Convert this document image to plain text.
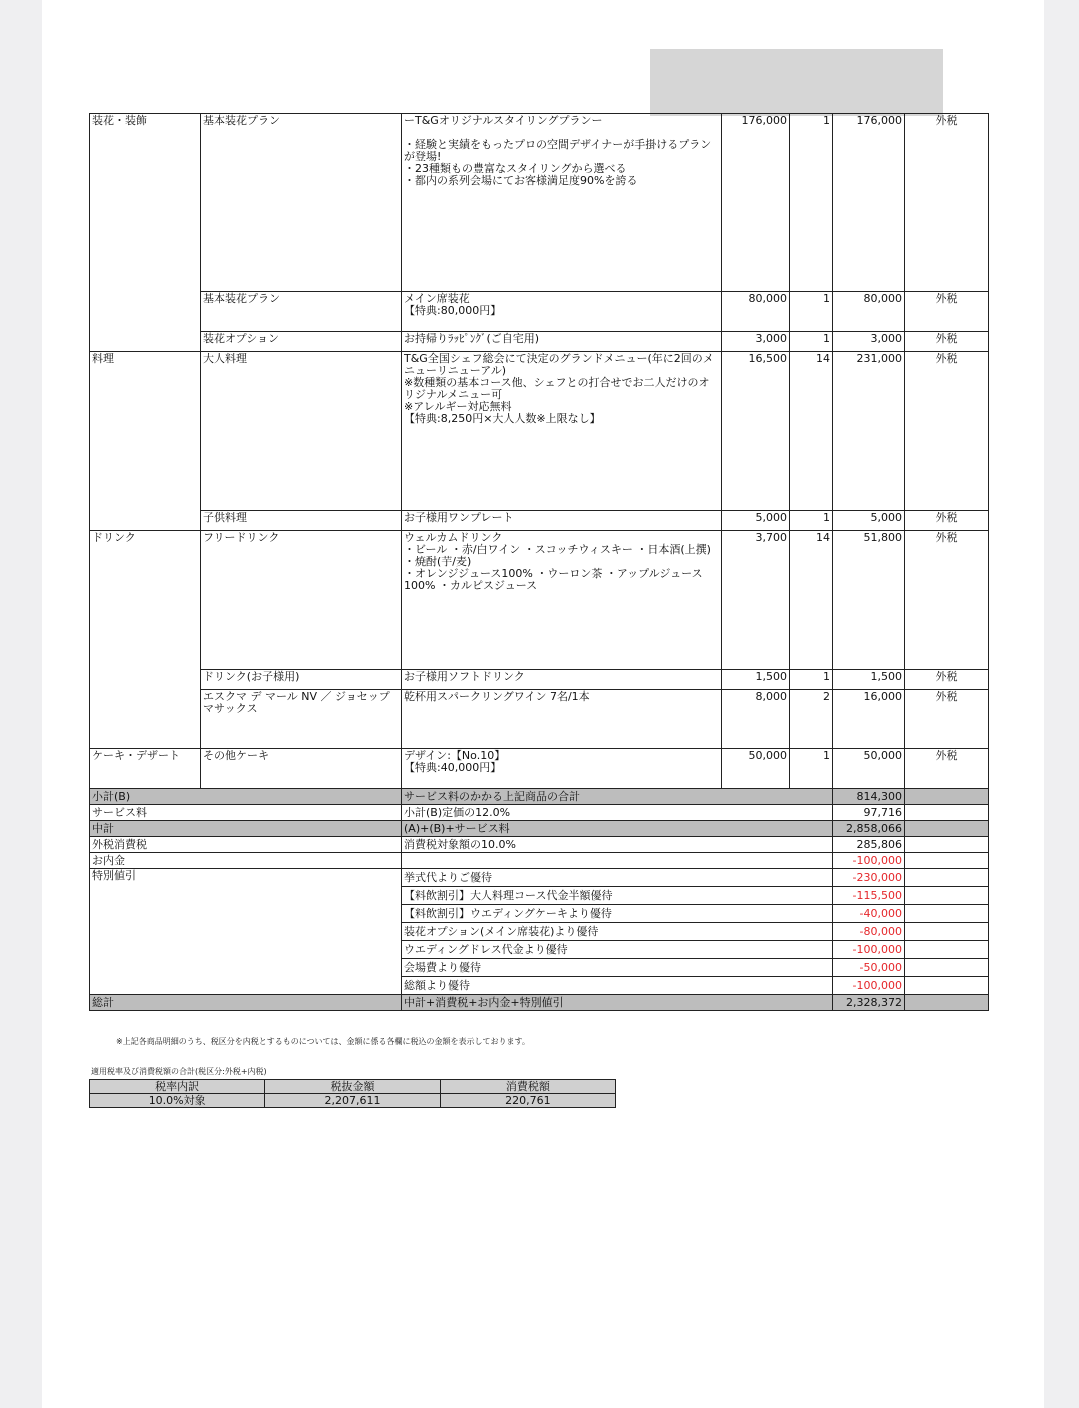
装花・装飾	基本装花プラン	ーT&Gオリジナルスタイリングプランー

・経験と実績をもったプロの空間デザイナーが手掛けるプランが登場!
・23種類もの豊富なスタイリングから選べる
・都内の系列会場にてお客様満足度90%を誇る	176,000	1	176,000	外税
	基本装花プラン	メイン席装花
【特典:80,000円】	80,000	1	80,000	外税
	装花オプション	お持帰りﾗｯﾋﾟﾝｸﾞ(ご自宅用)	3,000	1	3,000	外税
料理	大人料理	T&G全国シェフ総会にて決定のグランドメニュー(年に2回のメニューリニューアル)
※数種類の基本コース他、シェフとの打合せでお二人だけのオリジナルメニュー可
※アレルギー対応無料
【特典:8,250円×大人人数※上限なし】	16,500	14	231,000	外税
	子供料理	お子様用ワンプレート	5,000	1	5,000	外税
ドリンク	フリードリンク	ウェルカムドリンク
・ビール ・赤/白ワイン ・スコッチウィスキー ・日本酒(上撰) ・焼酎(芋/麦)
・オレンジジュース100% ・ウーロン茶 ・アップルジュース100% ・カルピスジュース	3,700	14	51,800	外税
	ドリンク(お子様用)	お子様用ソフトドリンク	1,500	1	1,500	外税
	エスクマ デ マール NV ／ ジョセップ マサックス	乾杯用スパークリングワイン 7名/1本	8,000	2	16,000	外税
ケーキ・デザート	その他ケーキ	デザイン:【No.10】
【特典:40,000円】	50,000	1	50,000	外税
小計(B)		サービス料のかかる上記商品の合計			814,300	
サービス料		小計(B)定価の12.0%			97,716	
中計		(A)+(B)+サービス料			2,858,066	
外税消費税		消費税対象額の10.0%			285,806	
お内金					-100,000	
特別値引		挙式代よりご優待			-230,000	
		【料飲割引】大人料理コース代金半額優待			-115,500	
		【料飲割引】ウエディングケーキより優待			-40,000	
		装花オプション(メイン席装花)より優待			-80,000	
		ウエディングドレス代金より優待			-100,000	
		会場費より優待			-50,000	
		総額より優待			-100,000	
総計		中計+消費税+お内金+特別値引			2,328,372	
※上記各商品明細のうち、税区分を内税とするものについては、金額に係る各欄に税込の金額を表示しております。
適用税率及び消費税額の合計(税区分:外税+内税)
税率内訳	税抜金額	消費税額
10.0%対象	2,207,611	220,761
